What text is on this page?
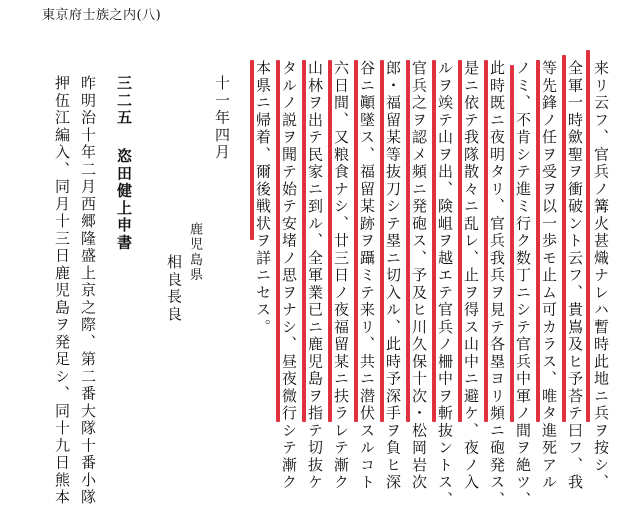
東京府士族之内(八)
来リ云フ、官兵ノ篝火甚熾ナレハ暫時此地ニ兵ヲ按シ、
全軍一時歛聖ヲ衝破ント云フ、貴嶌及ヒ予荅テ曰フ、我
等先鋒ノ任ヲ受ヲ以一歩モ止ム可カラス、唯タ進死アル
ノミ、不肯シテ進ミ行ク数丁ニシテ官兵中軍ノ間ヲ絶ツ、
此時既ニ夜明タリ、官兵我兵ヲ見テ各塁ヨリ頻ニ砲発ス、
是ニ依テ我隊散々ニ乱レ、止ヲ得ス山中ニ避ケ、夜ノ入
ルヲ竢テ山ヲ出、険岨ヲ越エテ官兵ノ柵中ヲ斬抜ントス、
官兵之ヲ認メ頻ニ発砲ス、予及ヒ川久保十次・松岡岩次
郎・福留某等抜刀シテ塁ニ切入ル、此時予深手ヲ負ヒ深
谷ニ顚墜ス、福留某跡ヲ躡ミテ来リ、共ニ潜伏スルコト
六日間、又粮食ナシ、廿三日ノ夜福留某ニ扶ラレテ漸ク
山林ヲ出テ民家ニ到ル、全軍業已ニ鹿児島ヲ指テ切抜ケ
タルノ説ヲ聞テ始テ安堵ノ思ヲナシ、昼夜微行シテ漸ク
本県ニ帰着、爾後戦状ヲ詳ニセス。
十一年四月
鹿児島県
相良長良
三二五
恣田健上申書
昨明治十年二月西郷隆盛上京之際、第二番大隊十番小隊
押伍江編入、同月十三日鹿児島ヲ発足シ、同十九日熊本
